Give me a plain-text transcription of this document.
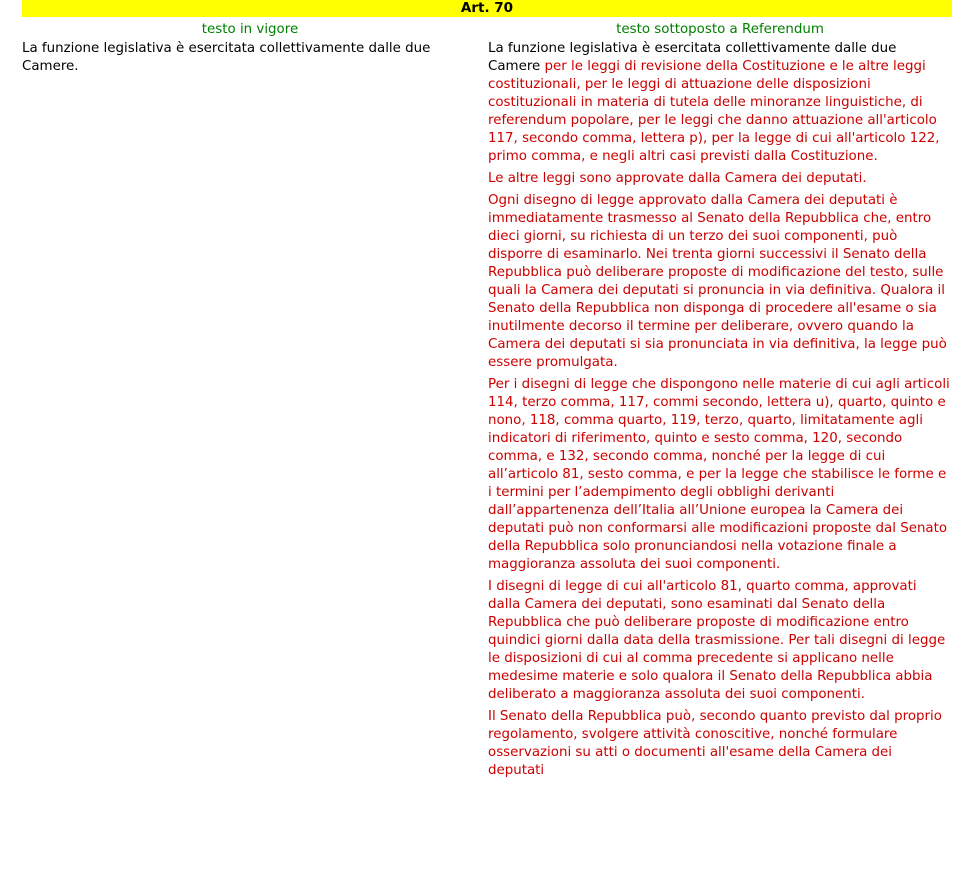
Art. 70
testo in vigore

La funzione legislativa è esercitata collettivamente dalle due Camere.

testo sottoposto a Referendum

La funzione legislativa è esercitata collettivamente dalle due Camere per le leggi di revisione della Costituzione e le altre leggi costituzionali, per le leggi di attuazione delle disposizioni costituzionali in materia di tutela delle minoranze linguistiche, di referendum popolare, per le leggi che danno attuazione all'articolo 117, secondo comma, lettera p), per la legge di cui all'articolo 122, primo comma, e negli altri casi previsti dalla Costituzione.

Le altre leggi sono approvate dalla Camera dei deputati.

Ogni disegno di legge approvato dalla Camera dei deputati è immediatamente trasmesso al Senato della Repubblica che, entro dieci giorni, su richiesta di un terzo dei suoi componenti, può disporre di esaminarlo. Nei trenta giorni successivi il Senato della Repubblica può deliberare proposte di modificazione del testo, sulle quali la Camera dei deputati si pronuncia in via definitiva. Qualora il Senato della Repubblica non disponga di procedere all'esame o sia inutilmente decorso il termine per deliberare, ovvero quando la Camera dei deputati si sia pronunciata in via definitiva, la legge può essere promulgata.

Per i disegni di legge che dispongono nelle materie di cui agli articoli 114, terzo comma, 117, commi secondo, lettera u), quarto, quinto e nono, 118, comma quarto, 119, terzo, quarto, limitatamente agli indicatori di riferimento, quinto e sesto comma, 120, secondo comma, e 132, secondo comma, nonché per la legge di cui all’articolo 81, sesto comma, e per la legge che stabilisce le forme e i termini per l’adempimento degli obblighi derivanti dall’appartenenza dell’Italia all’Unione europea la Camera dei deputati può non conformarsi alle modificazioni proposte dal Senato della Repubblica solo pronunciandosi nella votazione finale a maggioranza assoluta dei suoi componenti.

I disegni di legge di cui all'articolo 81, quarto comma, approvati dalla Camera dei deputati, sono esaminati dal Senato della Repubblica che può deliberare proposte di modificazione entro quindici giorni dalla data della trasmissione. Per tali disegni di legge le disposizioni di cui al comma precedente si applicano nelle medesime materie e solo qualora il Senato della Repubblica abbia deliberato a maggioranza assoluta dei suoi componenti.

Il Senato della Repubblica può, secondo quanto previsto dal proprio regolamento, svolgere attività conoscitive, nonché formulare osservazioni su atti o documenti all'esame della Camera dei deputati
